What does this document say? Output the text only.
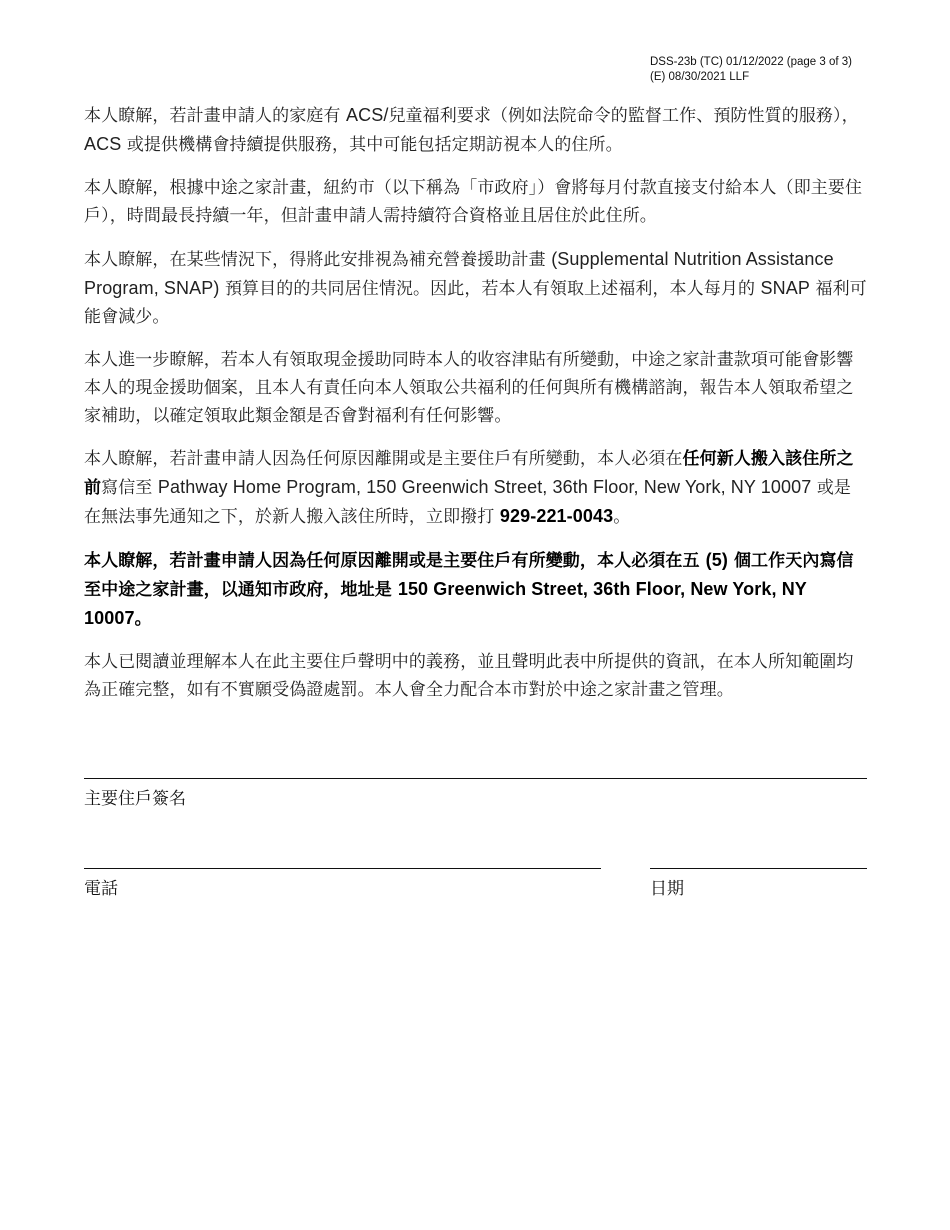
DSS-23b (TC) 01/12/2022 (page 3 of 3)
(E) 08/30/2021 LLF

本人瞭解，若計畫申請人的家庭有 ACS/兒童福利要求（例如法院命令的監督工作、預防性質的服務），ACS 或提供機構會持續提供服務，其中可能包括定期訪視本人的住所。

本人瞭解，根據中途之家計畫，紐約市（以下稱為「市政府」）會將每月付款直接支付給本人（即主要住戶），時間最長持續一年，但計畫申請人需持續符合資格並且居住於此住所。

本人瞭解，在某些情況下，得將此安排視為補充營養援助計畫 (Supplemental Nutrition Assistance Program, SNAP) 預算目的的共同居住情況。因此，若本人有領取上述福利，本人每月的 SNAP 福利可能會減少。

本人進一步瞭解，若本人有領取現金援助同時本人的收容津貼有所變動，中途之家計畫款項可能會影響本人的現金援助個案，且本人有責任向本人領取公共福利的任何與所有機構諮詢，報告本人領取希望之家補助，以確定領取此類金額是否會對福利有任何影響。

本人瞭解，若計畫申請人因為任何原因離開或是主要住戶有所變動，本人必須在任何新人搬入該住所之前寫信至 Pathway Home Program, 150 Greenwich Street, 36th Floor, New York, NY 10007 或是在無法事先通知之下，於新人搬入該住所時，立即撥打 929-221-0043。

本人瞭解，若計畫申請人因為任何原因離開或是主要住戶有所變動，本人必須在五 (5) 個工作天內寫信至中途之家計畫，以通知市政府，地址是 150 Greenwich Street, 36th Floor, New York, NY 10007。

本人已閱讀並理解本人在此主要住戶聲明中的義務，並且聲明此表中所提供的資訊，在本人所知範圍均為正確完整，如有不實願受偽證處罰。本人會全力配合本市對於中途之家計畫之管理。

主要住戶簽名
電話	日期
